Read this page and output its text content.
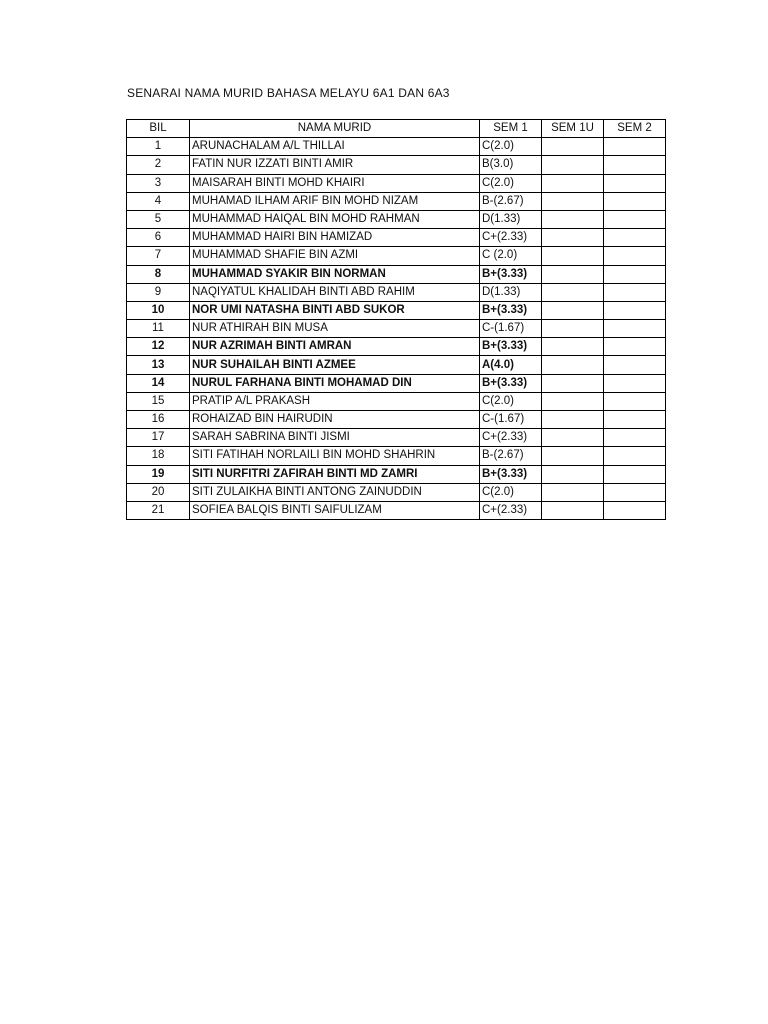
SENARAI NAMA MURID BAHASA MELAYU 6A1 DAN 6A3
BIL	NAMA MURID	SEM 1	SEM 1U	SEM 2
1	ARUNACHALAM A/L THILLAI	C(2.0)		
2	FATIN NUR IZZATI BINTI AMIR	B(3.0)		
3	MAISARAH BINTI MOHD KHAIRI	C(2.0)		
4	MUHAMAD ILHAM ARIF BIN MOHD NIZAM	B-(2.67)		
5	MUHAMMAD HAIQAL BIN MOHD RAHMAN	D(1.33)		
6	MUHAMMAD HAIRI BIN HAMIZAD	C+(2.33)		
7	MUHAMMAD SHAFIE BIN AZMI	C (2.0)		
8	MUHAMMAD SYAKIR BIN NORMAN	B+(3.33)		
9	NAQIYATUL KHALIDAH BINTI ABD RAHIM	D(1.33)		
10	NOR UMI NATASHA BINTI ABD SUKOR	B+(3.33)		
11	NUR ATHIRAH BIN MUSA	C-(1.67)		
12	NUR AZRIMAH BINTI AMRAN	B+(3.33)		
13	NUR SUHAILAH BINTI AZMEE	A(4.0)		
14	NURUL FARHANA BINTI MOHAMAD DIN	B+(3.33)		
15	PRATIP A/L PRAKASH	C(2.0)		
16	ROHAIZAD BIN HAIRUDIN	C-(1.67)		
17	SARAH SABRINA BINTI JISMI	C+(2.33)		
18	SITI FATIHAH NORLAILI BIN MOHD SHAHRIN	B-(2.67)		
19	SITI NURFITRI ZAFIRAH BINTI MD ZAMRI	B+(3.33)		
20	SITI ZULAIKHA BINTI ANTONG ZAINUDDIN	C(2.0)		
21	SOFIEA BALQIS BINTI SAIFULIZAM	C+(2.33)		
